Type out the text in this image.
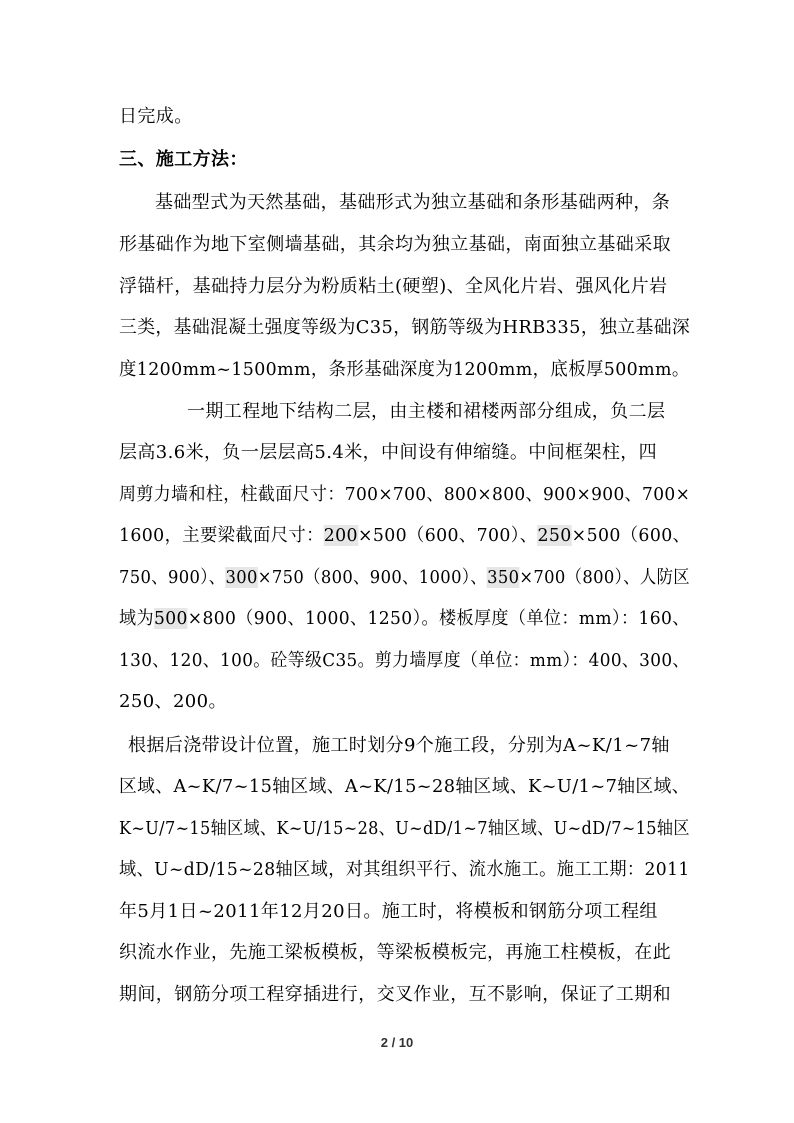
日完成。
三、施工方法：
基础型式为天然基础，基础形式为独立基础和条形基础两种，条
形基础作为地下室侧墙基础，其余均为独立基础，南面独立基础采取
浮锚杆，基础持力层分为粉质粘土(硬塑)、全风化片岩、强风化片岩
三类，基础混凝土强度等级为C35，钢筋等级为HRB335，独立基础深
度1200mm~1500mm，条形基础深度为1200mm，底板厚500mm。
一期工程地下结构二层，由主楼和裙楼两部分组成，负二层
层高3.6米，负一层层高5.4米，中间设有伸缩缝。中间框架柱，四
周剪力墙和柱，柱截面尺寸：700×700、800×800、900×900、700×
1600，主要梁截面尺寸：200×500（600、700）、250×500（600、
750、900）、300×750（800、900、1000）、350×700（800）、人防区
域为500×800（900、1000、1250）。楼板厚度（单位：mm）：160、
130、120、100。砼等级C35。剪力墙厚度（单位：mm）：400、300、
250、200。
根据后浇带设计位置，施工时划分9个施工段，分别为A~K/1~7轴
区域、A~K/7~15轴区域、A~K/15~28轴区域、K~U/1~7轴区域、
K~U/7~15轴区域、K~U/15~28、U~dD/1~7轴区域、U~dD/7~15轴区
域、U~dD/15~28轴区域，对其组织平行、流水施工。施工工期：2011
年5月1日~2011年12月20日。施工时，将模板和钢筋分项工程组
织流水作业，先施工梁板模板，等梁板模板完，再施工柱模板，在此
期间，钢筋分项工程穿插进行，交叉作业，互不影响，保证了工期和
2 / 10
